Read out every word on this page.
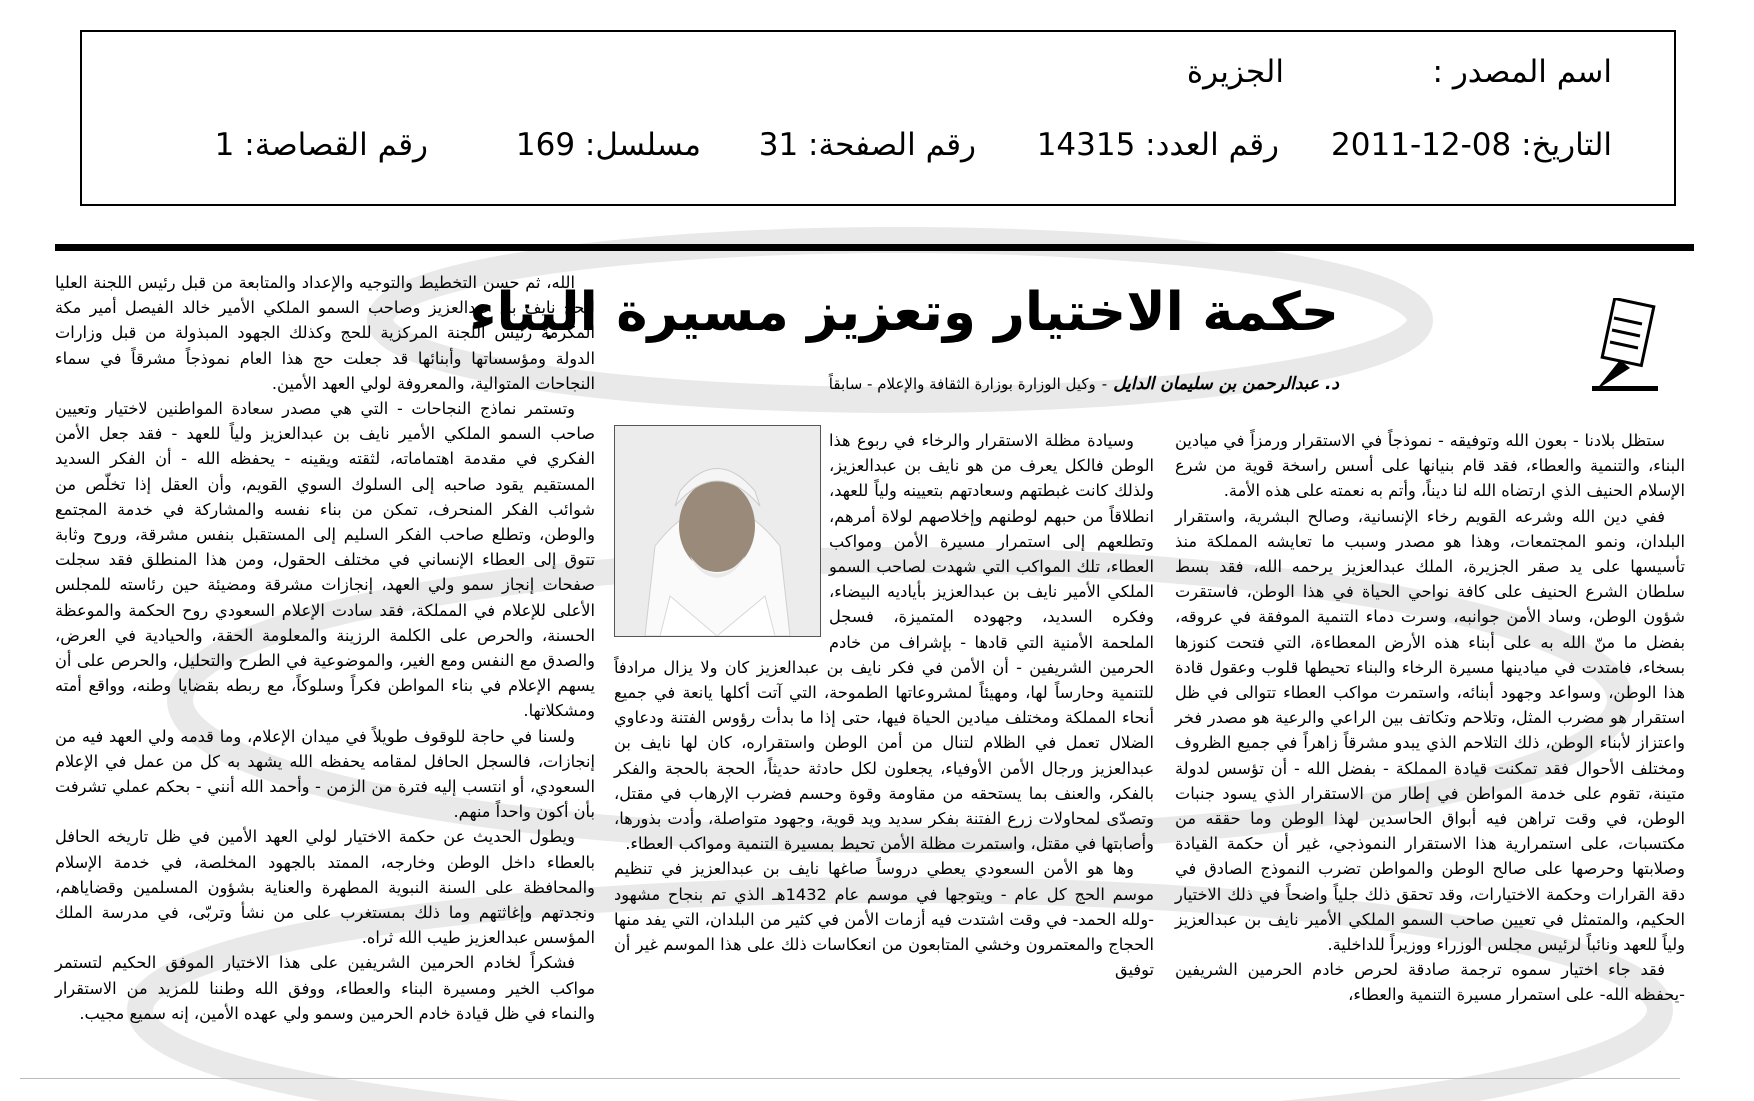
اسم المصدر :
الجزيرة
التاريخ: 08-12-2011
رقم العدد: 14315
رقم الصفحة: 31
مسلسل: 169
رقم القصاصة: 1
حكمة الاختيار وتعزيز مسيرة البناء
د. عبدالرحمن بن سليمان الدايل-وكيل الوزارة بوزارة الثقافة والإعلام - سابقاً

ستظل بلادنا - بعون الله وتوفيقه - نموذجاً في الاستقرار ورمزاً في ميادين البناء، والتنمية والعطاء، فقد قام بنيانها على أسس راسخة قوية من شرع الإسلام الحنيف الذي ارتضاه الله لنا ديناً، وأتم به نعمته على هذه الأمة.

ففي دين الله وشرعه القويم رخاء الإنسانية، وصالح البشرية، واستقرار البلدان، ونمو المجتمعات، وهذا هو مصدر وسبب ما تعايشه المملكة منذ تأسيسها على يد صقر الجزيرة، الملك عبدالعزيز يرحمه الله، فقد بسط سلطان الشرع الحنيف على كافة نواحي الحياة في هذا الوطن، فاستقرت شؤون الوطن، وساد الأمن جوانبه، وسرت دماء التنمية الموفقة في عروقه، بفضل ما منّ الله به على أبناء هذه الأرض المعطاءة، التي فتحت كنوزها بسخاء، فامتدت في ميادينها مسيرة الرخاء والبناء تحيطها قلوب وعقول قادة هذا الوطن، وسواعد وجهود أبنائه، واستمرت مواكب العطاء تتوالى في ظل استقرار هو مضرب المثل، وتلاحم وتكاتف بين الراعي والرعية هو مصدر فخر واعتزاز لأبناء الوطن، ذلك التلاحم الذي يبدو مشرقاً زاهراً في جميع الظروف ومختلف الأحوال فقد تمكنت قيادة المملكة - بفضل الله - أن تؤسس لدولة متينة، تقوم على خدمة المواطن في إطار من الاستقرار الذي يسود جنبات الوطن، في وقت تراهن فيه أبواق الحاسدين لهذا الوطن وما حققه من مكتسبات، على استمرارية هذا الاستقرار النموذجي، غير أن حكمة القيادة وصلابتها وحرصها على صالح الوطن والمواطن تضرب النموذج الصادق في دقة القرارات وحكمة الاختيارات، وقد تحقق ذلك جلياً واضحاً في ذلك الاختيار الحكيم، والمتمثل في تعيين صاحب السمو الملكي الأمير نايف بن عبدالعزيز ولياً للعهد ونائباً لرئيس مجلس الوزراء ووزيراً للداخلية.

فقد جاء اختيار سموه ترجمة صادقة لحرص خادم الحرمين الشريفين -يحفظه الله- على استمرار مسيرة التنمية والعطاء،

وسيادة مظلة الاستقرار والرخاء في ربوع هذا الوطن فالكل يعرف من هو نايف بن عبدالعزيز، ولذلك كانت غبطتهم وسعادتهم بتعيينه ولياً للعهد، انطلاقاً من حبهم لوطنهم وإخلاصهم لولاة أمرهم، وتطلعهم إلى استمرار مسيرة الأمن ومواكب العطاء، تلك المواكب التي شهدت لصاحب السمو الملكي الأمير نايف بن عبدالعزيز بأياديه البيضاء، وفكره السديد، وجهوده المتميزة، فسجل الملحمة الأمنية التي قادها - بإشراف من خادم الحرمين الشريفين - أن الأمن في فكر نايف بن عبدالعزيز كان ولا يزال مرادفاً للتنمية وحارساً لها، ومهيئاً لمشروعاتها الطموحة، التي آتت أكلها يانعة في جميع أنحاء المملكة ومختلف ميادين الحياة فيها، حتى إذا ما بدأت رؤوس الفتنة ودعاوي الضلال تعمل في الظلام لتنال من أمن الوطن واستقراره، كان لها نايف بن عبدالعزيز ورجال الأمن الأوفياء، يجعلون لكل حادثة حديثاً، الحجة بالحجة والفكر بالفكر، والعنف بما يستحقه من مقاومة وقوة وحسم فضرب الإرهاب في مقتل، وتصدّى لمحاولات زرع الفتنة بفكر سديد ويد قوية، وجهود متواصلة، وأدت بذورها، وأصابتها في مقتل، واستمرت مظلة الأمن تحيط بمسيرة التنمية ومواكب العطاء.

وها هو الأمن السعودي يعطي دروساً صاغها نايف بن عبدالعزيز في تنظيم موسم الحج كل عام - ويتوجها في موسم عام 1432هـ الذي تم بنجاح مشهود -ولله الحمد- في وقت اشتدت فيه أزمات الأمن في كثير من البلدان، التي يفد منها الحجاج والمعتمرون وخشي المتابعون من انعكاسات ذلك على هذا الموسم غير أن توفيق

الله، ثم حسن التخطيط والتوجيه والإعداد والمتابعة من قبل رئيس اللجنة العليا للحج نايف بن عبدالعزيز وصاحب السمو الملكي الأمير خالد الفيصل أمير مكة المكرمة رئيس اللجنة المركزية للحج وكذلك الجهود المبذولة من قبل وزارات الدولة ومؤسساتها وأبنائها قد جعلت حج هذا العام نموذجاً مشرقاً في سماء النجاحات المتوالية، والمعروفة لولي العهد الأمين.

وتستمر نماذج النجاحات - التي هي مصدر سعادة المواطنين لاختيار وتعيين صاحب السمو الملكي الأمير نايف بن عبدالعزيز ولياً للعهد - فقد جعل الأمن الفكري في مقدمة اهتماماته، لثقته ويقينه - يحفظه الله - أن الفكر السديد المستقيم يقود صاحبه إلى السلوك السوي القويم، وأن العقل إذا تخلّص من شوائب الفكر المنحرف، تمكن من بناء نفسه والمشاركة في خدمة المجتمع والوطن، وتطلع صاحب الفكر السليم إلى المستقبل بنفس مشرقة، وروح وثابة تتوق إلى العطاء الإنساني في مختلف الحقول، ومن هذا المنطلق فقد سجلت صفحات إنجاز سمو ولي العهد، إنجازات مشرقة ومضيئة حين رئاسته للمجلس الأعلى للإعلام في المملكة، فقد سادت الإعلام السعودي روح الحكمة والموعظة الحسنة، والحرص على الكلمة الرزينة والمعلومة الحقة، والحيادية في العرض، والصدق مع النفس ومع الغير، والموضوعية في الطرح والتحليل، والحرص على أن يسهم الإعلام في بناء المواطن فكراً وسلوكاً، مع ربطه بقضايا وطنه، وواقع أمته ومشكلاتها.

ولسنا في حاجة للوقوف طويلاً في ميدان الإعلام، وما قدمه ولي العهد فيه من إنجازات، فالسجل الحافل لمقامه يحفظه الله يشهد به كل من عمل في الإعلام السعودي، أو انتسب إليه فترة من الزمن - وأحمد الله أنني - بحكم عملي تشرفت بأن أكون واحداً منهم.

ويطول الحديث عن حكمة الاختيار لولي العهد الأمين في ظل تاريخه الحافل بالعطاء داخل الوطن وخارجه، الممتد بالجهود المخلصة، في خدمة الإسلام والمحافظة على السنة النبوية المطهرة والعناية بشؤون المسلمين وقضاياهم، ونجدتهم وإغاثتهم وما ذلك بمستغرب على من نشأ وتربّى، في مدرسة الملك المؤسس عبدالعزيز طيب الله ثراه.

فشكراً لخادم الحرمين الشريفين على هذا الاختيار الموفق الحكيم لتستمر مواكب الخير ومسيرة البناء والعطاء، ووفق الله وطننا للمزيد من الاستقرار والنماء في ظل قيادة خادم الحرمين وسمو ولي عهده الأمين، إنه سميع مجيب.
